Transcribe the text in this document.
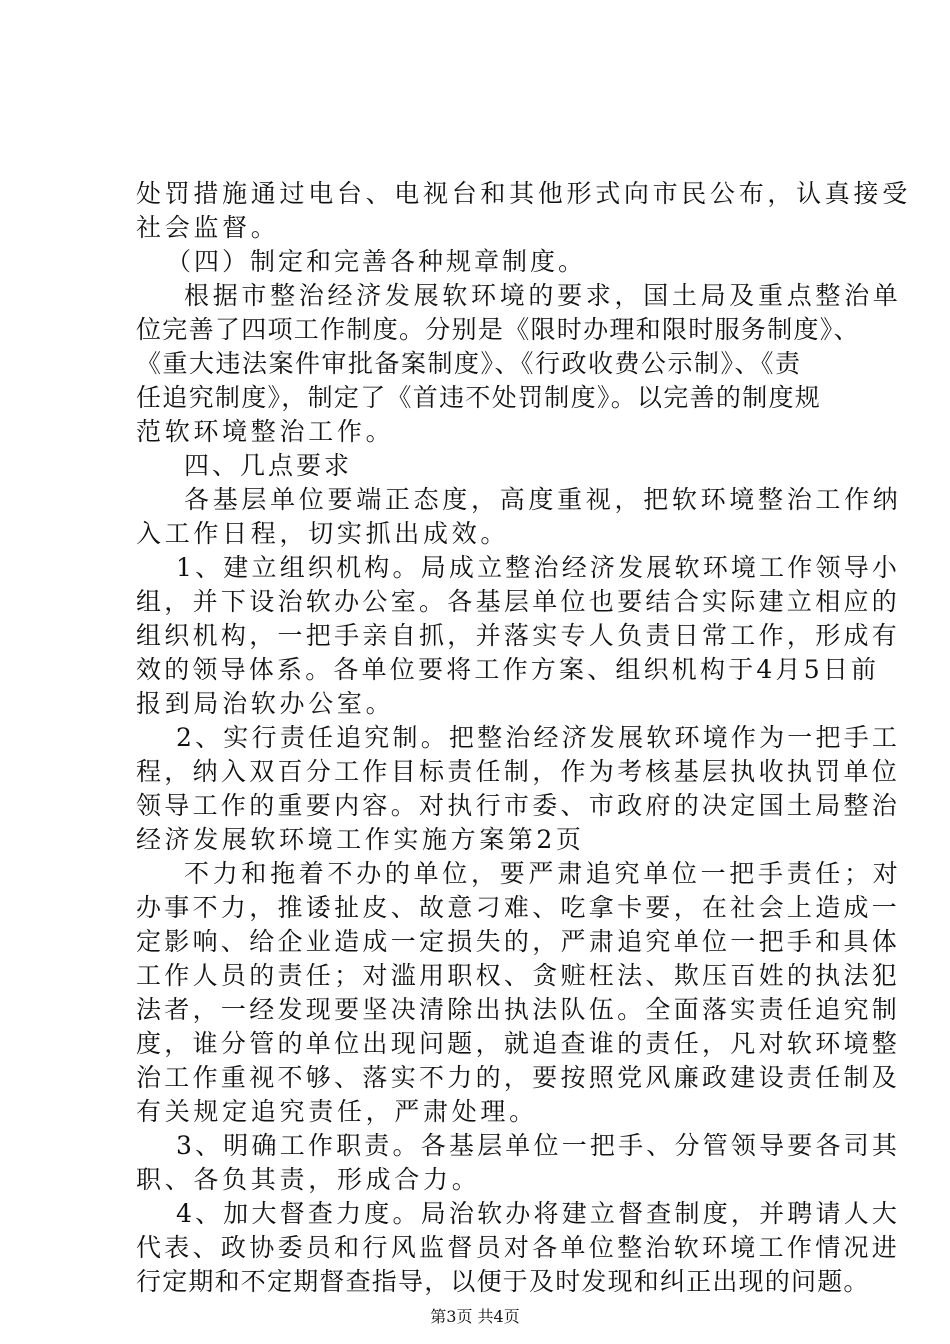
处罚措施通过电台、电视台和其他形式向市民公布，认真接受
社会监督。
（四）制定和完善各种规章制度。
根据市整治经济发展软环境的要求，国土局及重点整治单
位完善了四项工作制度。分别是《限时办理和限时服务制度》、
《重大违法案件审批备案制度》、《行政收费公示制》、《责
任追究制度》，制定了《首违不处罚制度》。以完善的制度规
范软环境整治工作。
四、几点要求
各基层单位要端正态度，高度重视，把软环境整治工作纳
入工作日程，切实抓出成效。
1、建立组织机构。局成立整治经济发展软环境工作领导小
组，并下设治软办公室。各基层单位也要结合实际建立相应的
组织机构，一把手亲自抓，并落实专人负责日常工作，形成有
效的领导体系。各单位要将工作方案、组织机构于4月5日前
报到局治软办公室。
2、实行责任追究制。把整治经济发展软环境作为一把手工
程，纳入双百分工作目标责任制，作为考核基层执收执罚单位
领导工作的重要内容。对执行市委、市政府的决定国土局整治
经济发展软环境工作实施方案第2页
不力和拖着不办的单位，要严肃追究单位一把手责任；对
办事不力，推诿扯皮、故意刁难、吃拿卡要，在社会上造成一
定影响、给企业造成一定损失的，严肃追究单位一把手和具体
工作人员的责任；对滥用职权、贪赃枉法、欺压百姓的执法犯
法者，一经发现要坚决清除出执法队伍。全面落实责任追究制
度，谁分管的单位出现问题，就追查谁的责任，凡对软环境整
治工作重视不够、落实不力的，要按照党风廉政建设责任制及
有关规定追究责任，严肃处理。
3、明确工作职责。各基层单位一把手、分管领导要各司其
职、各负其责，形成合力。
4、加大督查力度。局治软办将建立督查制度，并聘请人大
代表、政协委员和行风监督员对各单位整治软环境工作情况进
行定期和不定期督查指导，以便于及时发现和纠正出现的问题。
第3页 共4页
